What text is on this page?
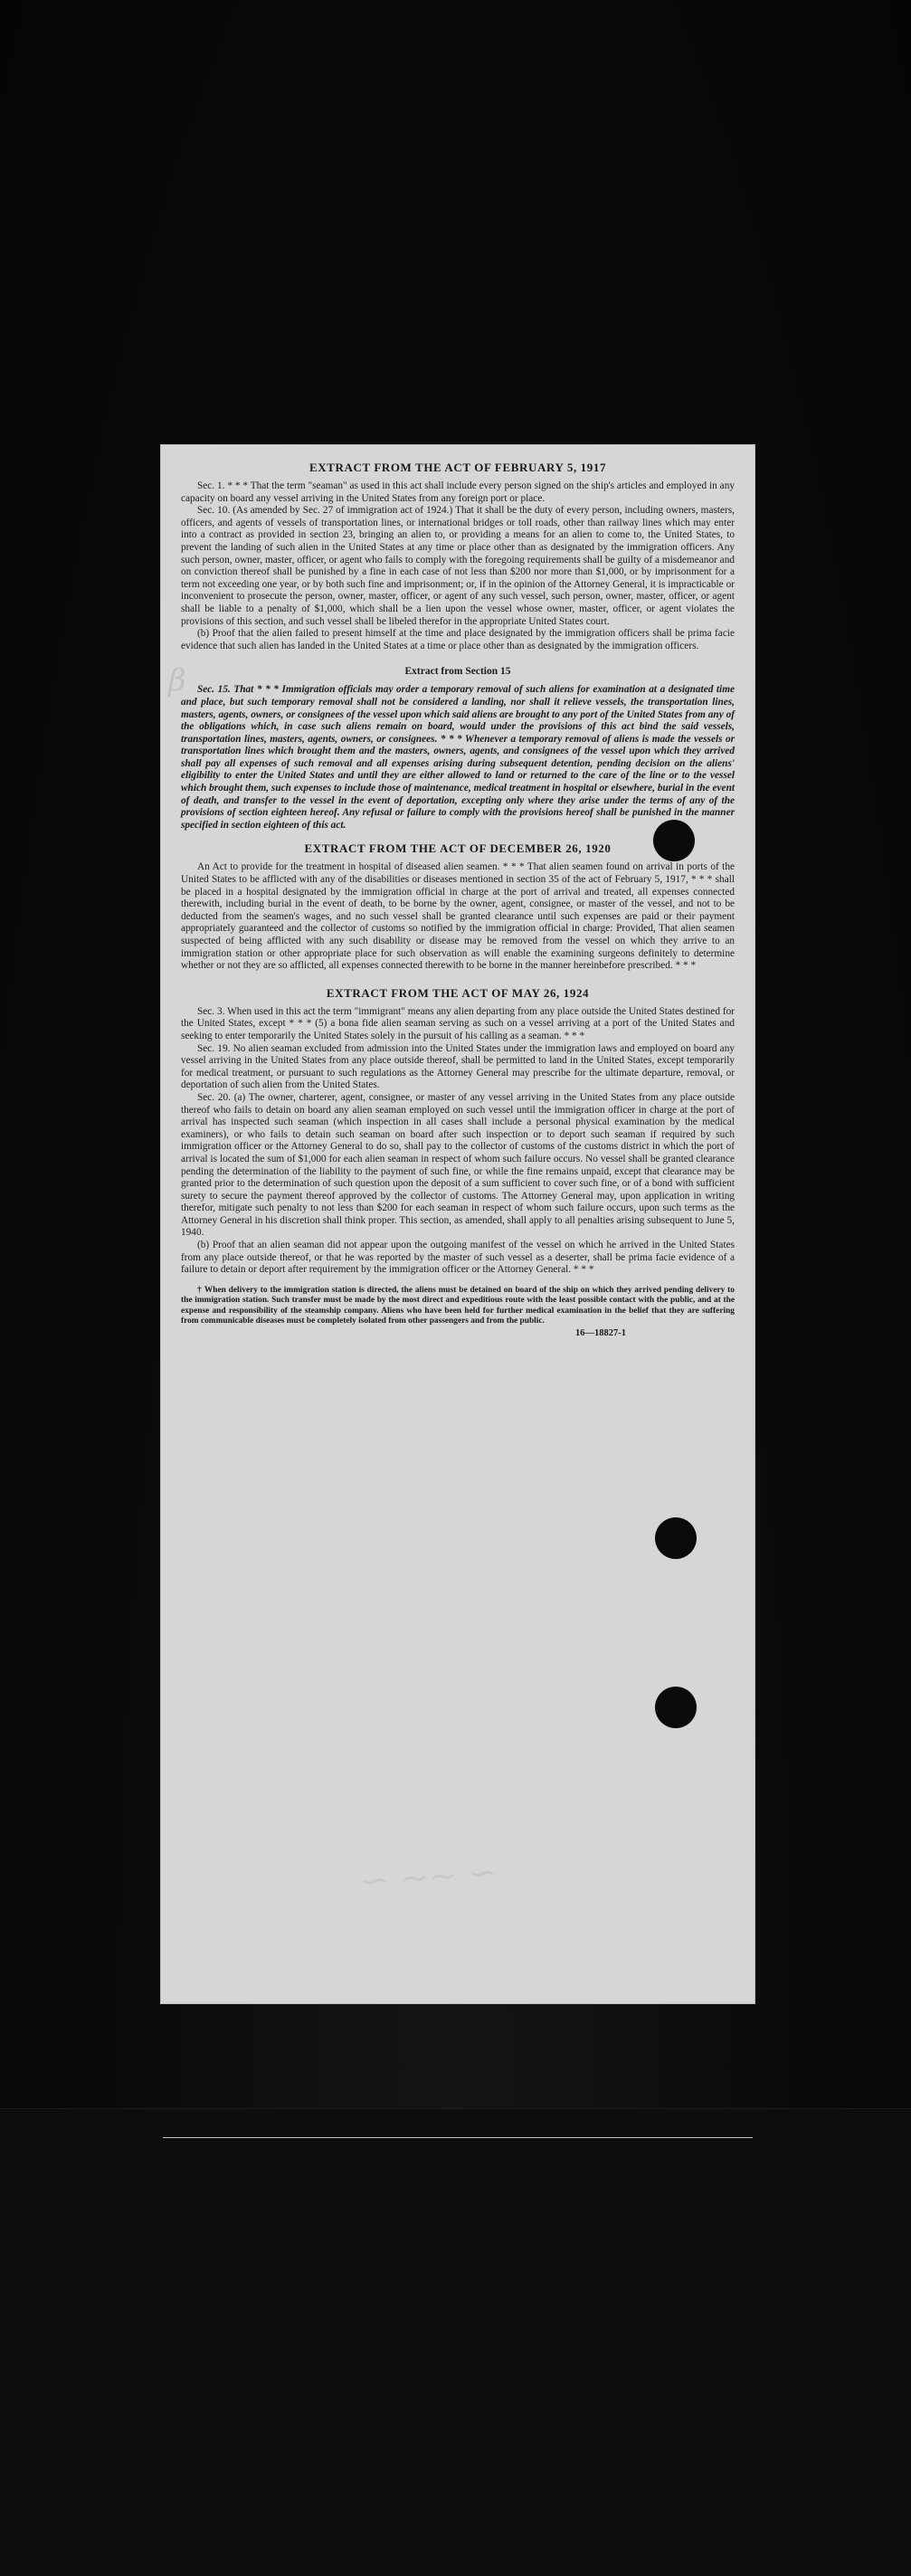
EXTRACT FROM THE ACT OF FEBRUARY 5, 1917

Sec. 1. * * * That the term "seaman" as used in this act shall include every person signed on the ship's articles and employed in any capacity on board any vessel arriving in the United States from any foreign port or place.

Sec. 10. (As amended by Sec. 27 of immigration act of 1924.) That it shall be the duty of every person, including owners, masters, officers, and agents of vessels of transportation lines, or international bridges or toll roads, other than railway lines which may enter into a contract as provided in section 23, bringing an alien to, or providing a means for an alien to come to, the United States, to prevent the landing of such alien in the United States at any time or place other than as designated by the immigration officers. Any such person, owner, master, officer, or agent who fails to comply with the foregoing requirements shall be guilty of a misdemeanor and on conviction thereof shall be punished by a fine in each case of not less than $200 nor more than $1,000, or by imprisonment for a term not exceeding one year, or by both such fine and imprisonment; or, if in the opinion of the Attorney General, it is impracticable or inconvenient to prosecute the person, owner, master, officer, or agent of any such vessel, such person, owner, master, officer, or agent shall be liable to a penalty of $1,000, which shall be a lien upon the vessel whose owner, master, officer, or agent violates the provisions of this section, and such vessel shall be libeled therefor in the appropriate United States court.

(b) Proof that the alien failed to present himself at the time and place designated by the immigration officers shall be prima facie evidence that such alien has landed in the United States at a time or place other than as designated by the immigration officers.

Extract from Section 15

Sec. 15. That * * * Immigration officials may order a temporary removal of such aliens for examination at a designated time and place, but such temporary removal shall not be considered a landing, nor shall it relieve vessels, the transportation lines, masters, agents, owners, or consignees of the vessel upon which said aliens are brought to any port of the United States from any of the obligations which, in case such aliens remain on board, would under the provisions of this act bind the said vessels, transportation lines, masters, agents, owners, or consignees. * * * Whenever a temporary removal of aliens is made the vessels or transportation lines which brought them and the masters, owners, agents, and consignees of the vessel upon which they arrived shall pay all expenses of such removal and all expenses arising during subsequent detention, pending decision on the aliens' eligibility to enter the United States and until they are either allowed to land or returned to the care of the line or to the vessel which brought them, such expenses to include those of maintenance, medical treatment in hospital or elsewhere, burial in the event of death, and transfer to the vessel in the event of deportation, excepting only where they arise under the terms of any of the provisions of section eighteen hereof. Any refusal or failure to comply with the provisions hereof shall be punished in the manner specified in section eighteen of this act.

EXTRACT FROM THE ACT OF DECEMBER 26, 1920

An Act to provide for the treatment in hospital of diseased alien seamen. * * * That alien seamen found on arrival in ports of the United States to be afflicted with any of the disabilities or diseases mentioned in section 35 of the act of February 5, 1917, * * * shall be placed in a hospital designated by the immigration official in charge at the port of arrival and treated, all expenses connected therewith, including burial in the event of death, to be borne by the owner, agent, consignee, or master of the vessel, and not to be deducted from the seamen's wages, and no such vessel shall be granted clearance until such expenses are paid or their payment appropriately guaranteed and the collector of customs so notified by the immigration official in charge: Provided, That alien seamen suspected of being afflicted with any such disability or disease may be removed from the vessel on which they arrive to an immigration station or other appropriate place for such observation as will enable the examining surgeons definitely to determine whether or not they are so afflicted, all expenses connected therewith to be borne in the manner hereinbefore prescribed. * * *

EXTRACT FROM THE ACT OF MAY 26, 1924

Sec. 3. When used in this act the term "immigrant" means any alien departing from any place outside the United States destined for the United States, except * * * (5) a bona fide alien seaman serving as such on a vessel arriving at a port of the United States and seeking to enter temporarily the United States solely in the pursuit of his calling as a seaman. * * *

Sec. 19. No alien seaman excluded from admission into the United States under the immigration laws and employed on board any vessel arriving in the United States from any place outside thereof, shall be permitted to land in the United States, except temporarily for medical treatment, or pursuant to such regulations as the Attorney General may prescribe for the ultimate departure, removal, or deportation of such alien from the United States.

Sec. 20. (a) The owner, charterer, agent, consignee, or master of any vessel arriving in the United States from any place outside thereof who fails to detain on board any alien seaman employed on such vessel until the immigration officer in charge at the port of arrival has inspected such seaman (which inspection in all cases shall include a personal physical examination by the medical examiners), or who fails to detain such seaman on board after such inspection or to deport such seaman if required by such immigration officer or the Attorney General to do so, shall pay to the collector of customs of the customs district in which the port of arrival is located the sum of $1,000 for each alien seaman in respect of whom such failure occurs. No vessel shall be granted clearance pending the determination of the liability to the payment of such fine, or while the fine remains unpaid, except that clearance may be granted prior to the determination of such question upon the deposit of a sum sufficient to cover such fine, or of a bond with sufficient surety to secure the payment thereof approved by the collector of customs. The Attorney General may, upon application in writing therefor, mitigate such penalty to not less than $200 for each seaman in respect of whom such failure occurs, upon such terms as the Attorney General in his discretion shall think proper. This section, as amended, shall apply to all penalties arising subsequent to June 5, 1940.

(b) Proof that an alien seaman did not appear upon the outgoing manifest of the vessel on which he arrived in the United States from any place outside thereof, or that he was reported by the master of such vessel as a deserter, shall be prima facie evidence of a failure to detain or deport after requirement by the immigration officer or the Attorney General. * * *

† When delivery to the immigration station is directed, the aliens must be detained on board of the ship on which they arrived pending delivery to the immigration station. Such transfer must be made by the most direct and expeditious route with the least possible contact with the public, and at the expense and responsibility of the steamship company. Aliens who have been held for further medical examination in the belief that they are suffering from communicable diseases must be completely isolated from other passengers and from the public.

16—18827-1
β
∽ ∼∼ ∽
